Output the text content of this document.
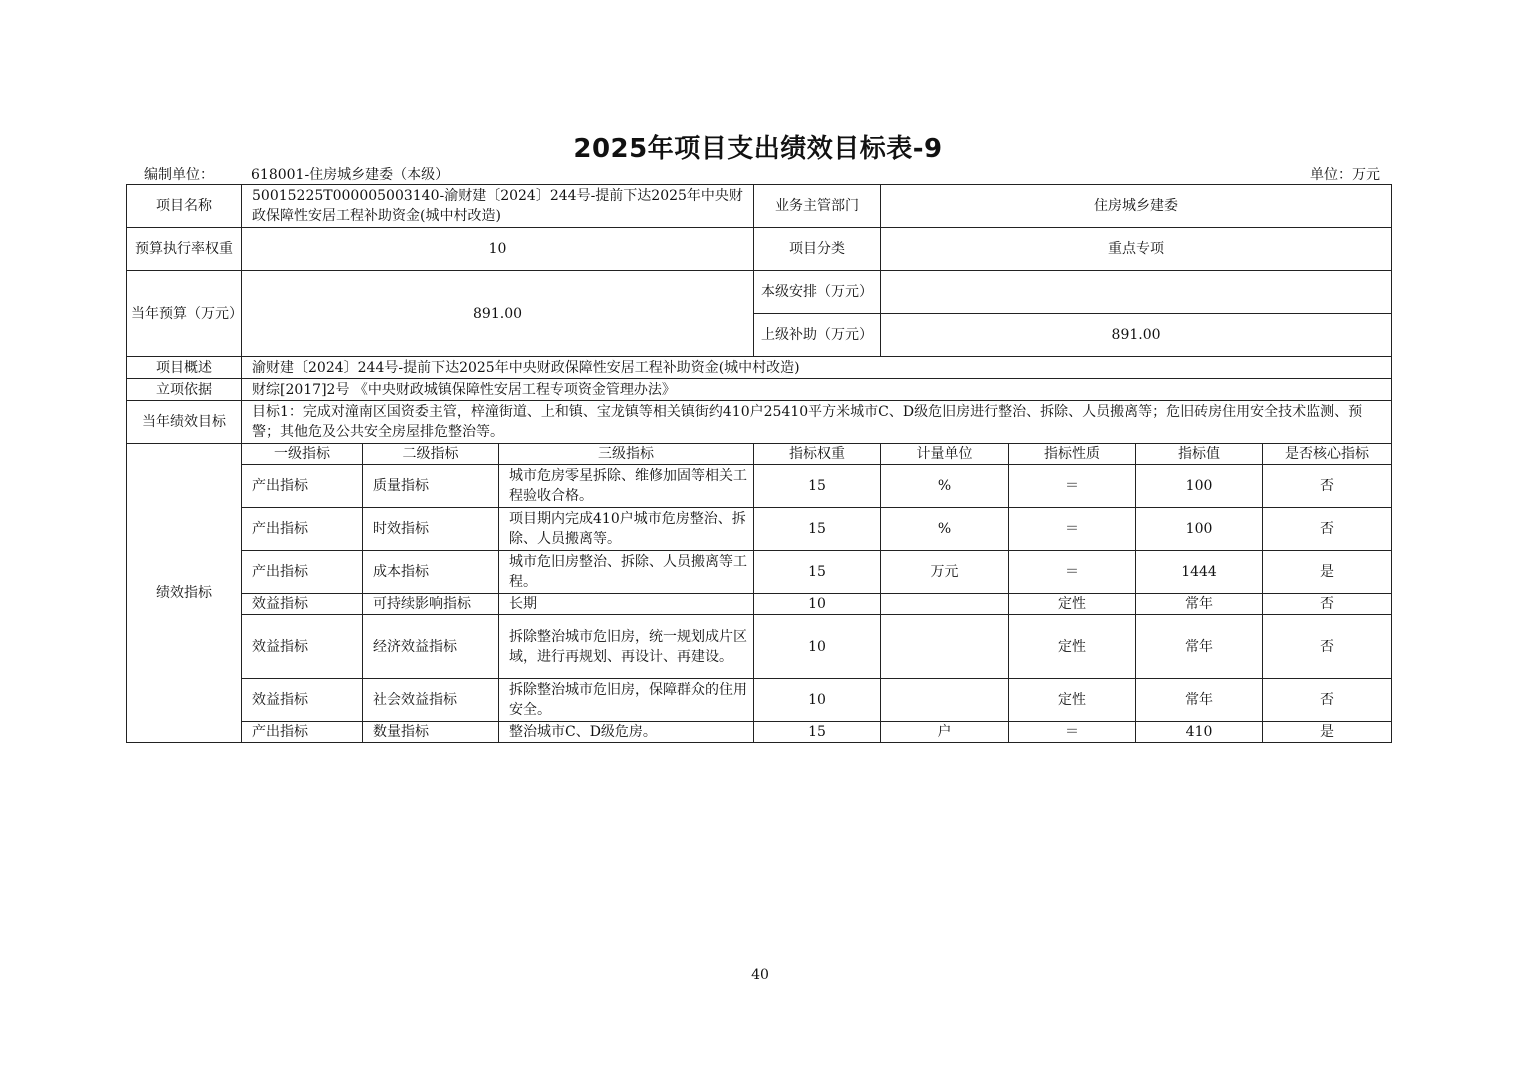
2025年项目支出绩效目标表-9
编制单位：	618001-住房城乡建委（本级）	单位：万元
项目名称	50015225T000005003140-渝财建〔2024〕244号-提前下达2025年中央财政保障性安居工程补助资金(城中村改造)			业务主管部门	住房城乡建委			
预算执行率权重	10			项目分类	重点专项			
当年预算（万元）	891.00			本级安排（万元）				
				上级补助（万元）	891.00			
项目概述	渝财建〔2024〕244号-提前下达2025年中央财政保障性安居工程补助资金(城中村改造)							
立项依据	财综[2017]2号 《中央财政城镇保障性安居工程专项资金管理办法》							
当年绩效目标	目标1：完成对潼南区国资委主管，梓潼街道、上和镇、宝龙镇等相关镇街约410户25410平方米城市C、D级危旧房进行整治、拆除、人员搬离等；危旧砖房住用安全技术监测、预警；其他危及公共安全房屋排危整治等。							
绩效指标	一级指标	二级指标	三级指标	指标权重	计量单位	指标性质	指标值	是否核心指标
	产出指标	质量指标	城市危房零星拆除、维修加固等相关工程验收合格。	15	%	＝	100	否
	产出指标	时效指标	项目期内完成410户城市危房整治、拆除、人员搬离等。	15	%	＝	100	否
	产出指标	成本指标	城市危旧房整治、拆除、人员搬离等工程。	15	万元	＝	1444	是
	效益指标	可持续影响指标	长期	10		定性	常年	否
	效益指标	经济效益指标	拆除整治城市危旧房，统一规划成片区域，进行再规划、再设计、再建设。	10		定性	常年	否
	效益指标	社会效益指标	拆除整治城市危旧房，保障群众的住用安全。	10		定性	常年	否
	产出指标	数量指标	整治城市C、D级危房。	15	户	＝	410	是
40
